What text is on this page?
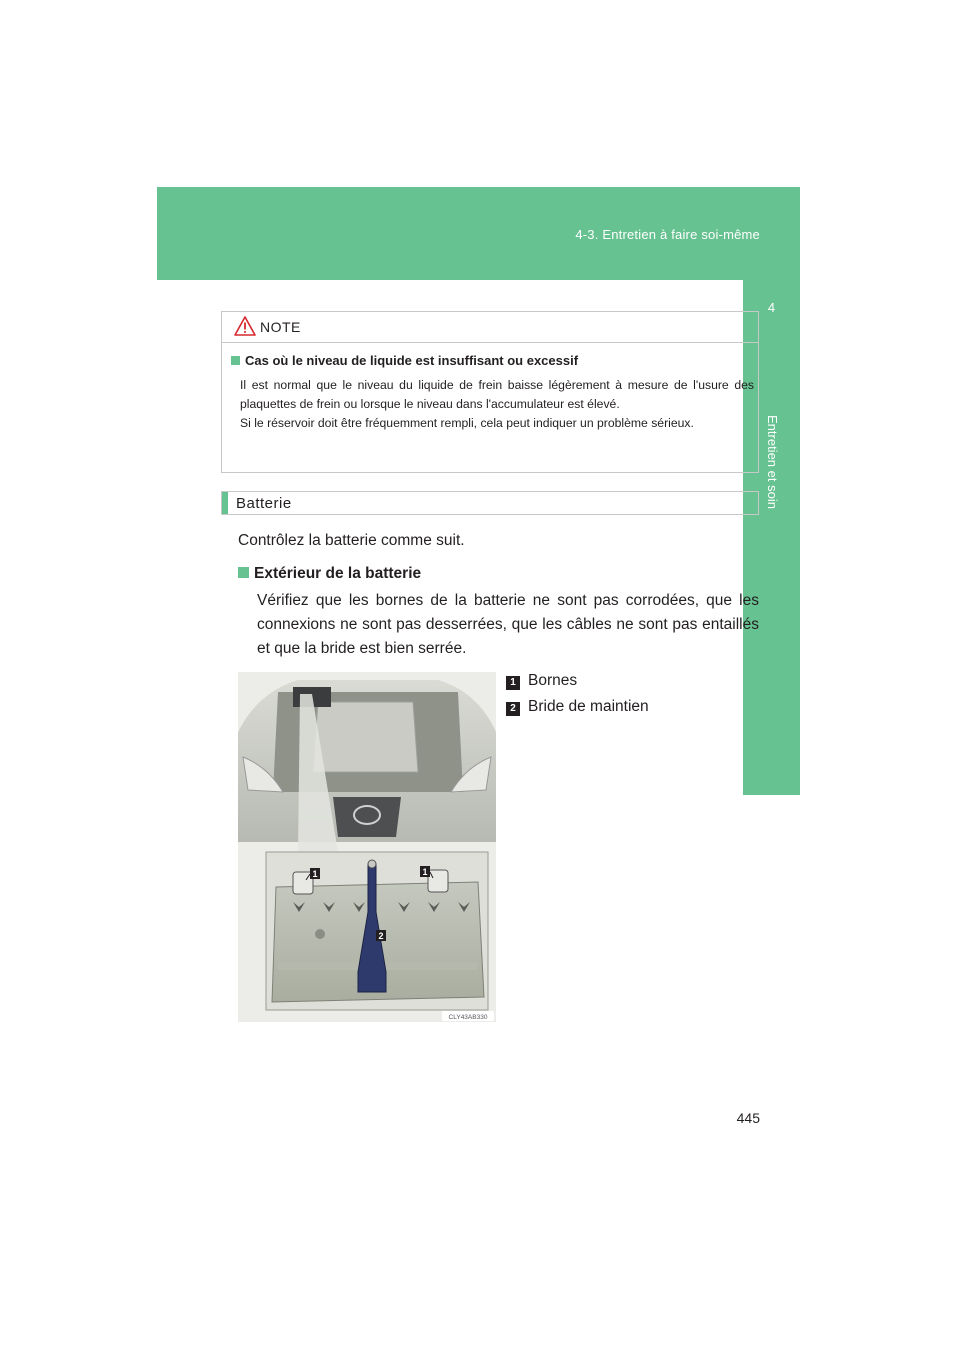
4-3. Entretien à faire soi-même
4
Entretien et soin
NOTE
Cas où le niveau de liquide est insuffisant ou excessif
Il est normal que le niveau du liquide de frein baisse légèrement à mesure de l'usure des plaquettes de frein ou lorsque le niveau dans l'accumulateur est élevé.
Si le réservoir doit être fréquemment rempli, cela peut indiquer un problème sérieux.
Batterie
Contrôlez la batterie comme suit.
Extérieur de la batterie
Vérifiez que les bornes de la batterie ne sont pas corrodées, que les connexions ne sont pas desserrées, que les câbles ne sont pas entaillés et que la bride est bien serrée.
1 Bornes
2 Bride de maintien
1	1
2
CLY43AB330
445
